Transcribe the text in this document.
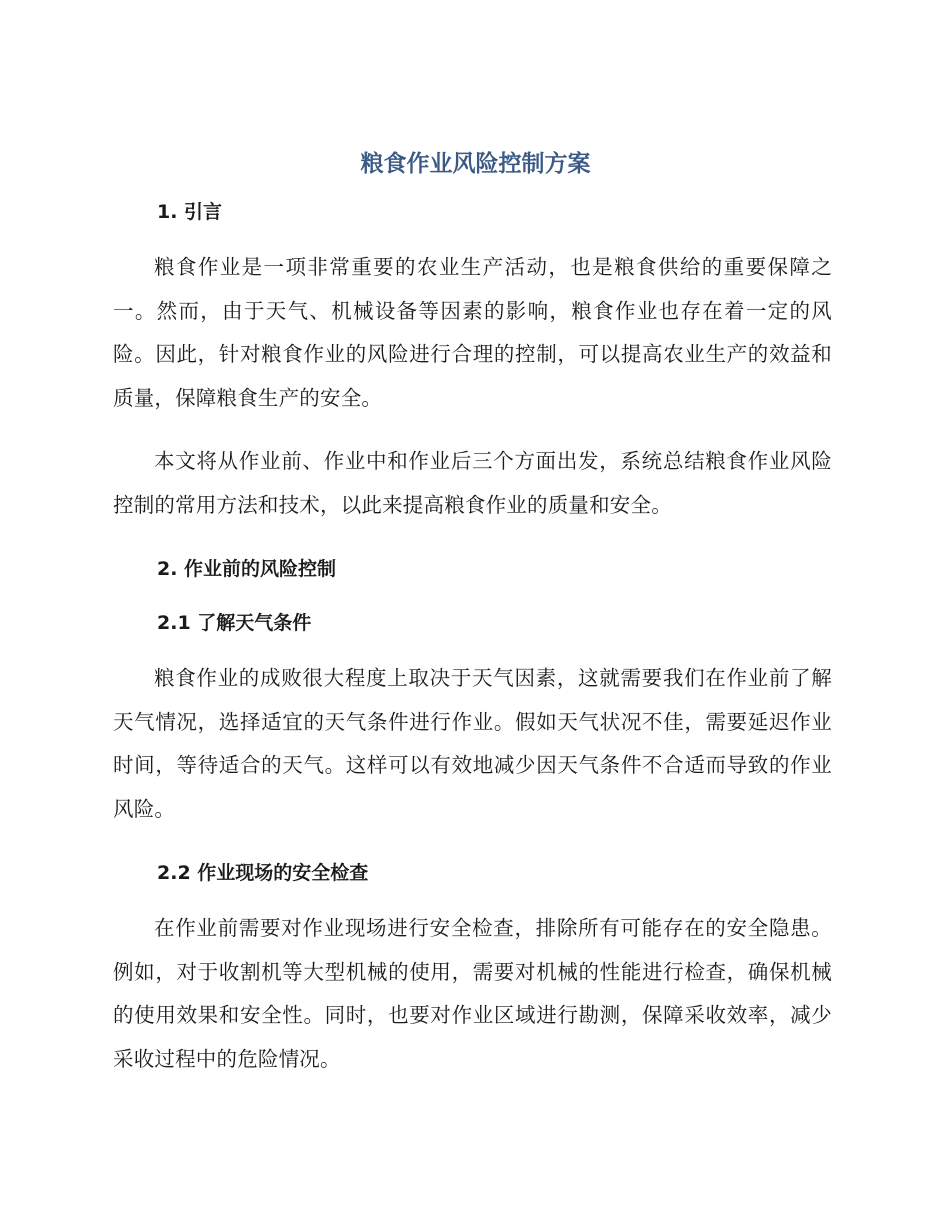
粮食作业风险控制方案
1. 引言

粮食作业是一项非常重要的农业生产活动，也是粮食供给的重要保障之一。然而，由于天气、机械设备等因素的影响，粮食作业也存在着一定的风险。因此，针对粮食作业的风险进行合理的控制，可以提高农业生产的效益和质量，保障粮食生产的安全。

本文将从作业前、作业中和作业后三个方面出发，系统总结粮食作业风险控制的常用方法和技术，以此来提高粮食作业的质量和安全。

2. 作业前的风险控制
2.1 了解天气条件

粮食作业的成败很大程度上取决于天气因素，这就需要我们在作业前了解天气情况，选择适宜的天气条件进行作业。假如天气状况不佳，需要延迟作业时间，等待适合的天气。这样可以有效地减少因天气条件不合适而导致的作业风险。

2.2 作业现场的安全检查

在作业前需要对作业现场进行安全检查，排除所有可能存在的安全隐患。例如，对于收割机等大型机械的使用，需要对机械的性能进行检查，确保机械的使用效果和安全性。同时，也要对作业区域进行勘测，保障采收效率，减少采收过程中的危险情况。
